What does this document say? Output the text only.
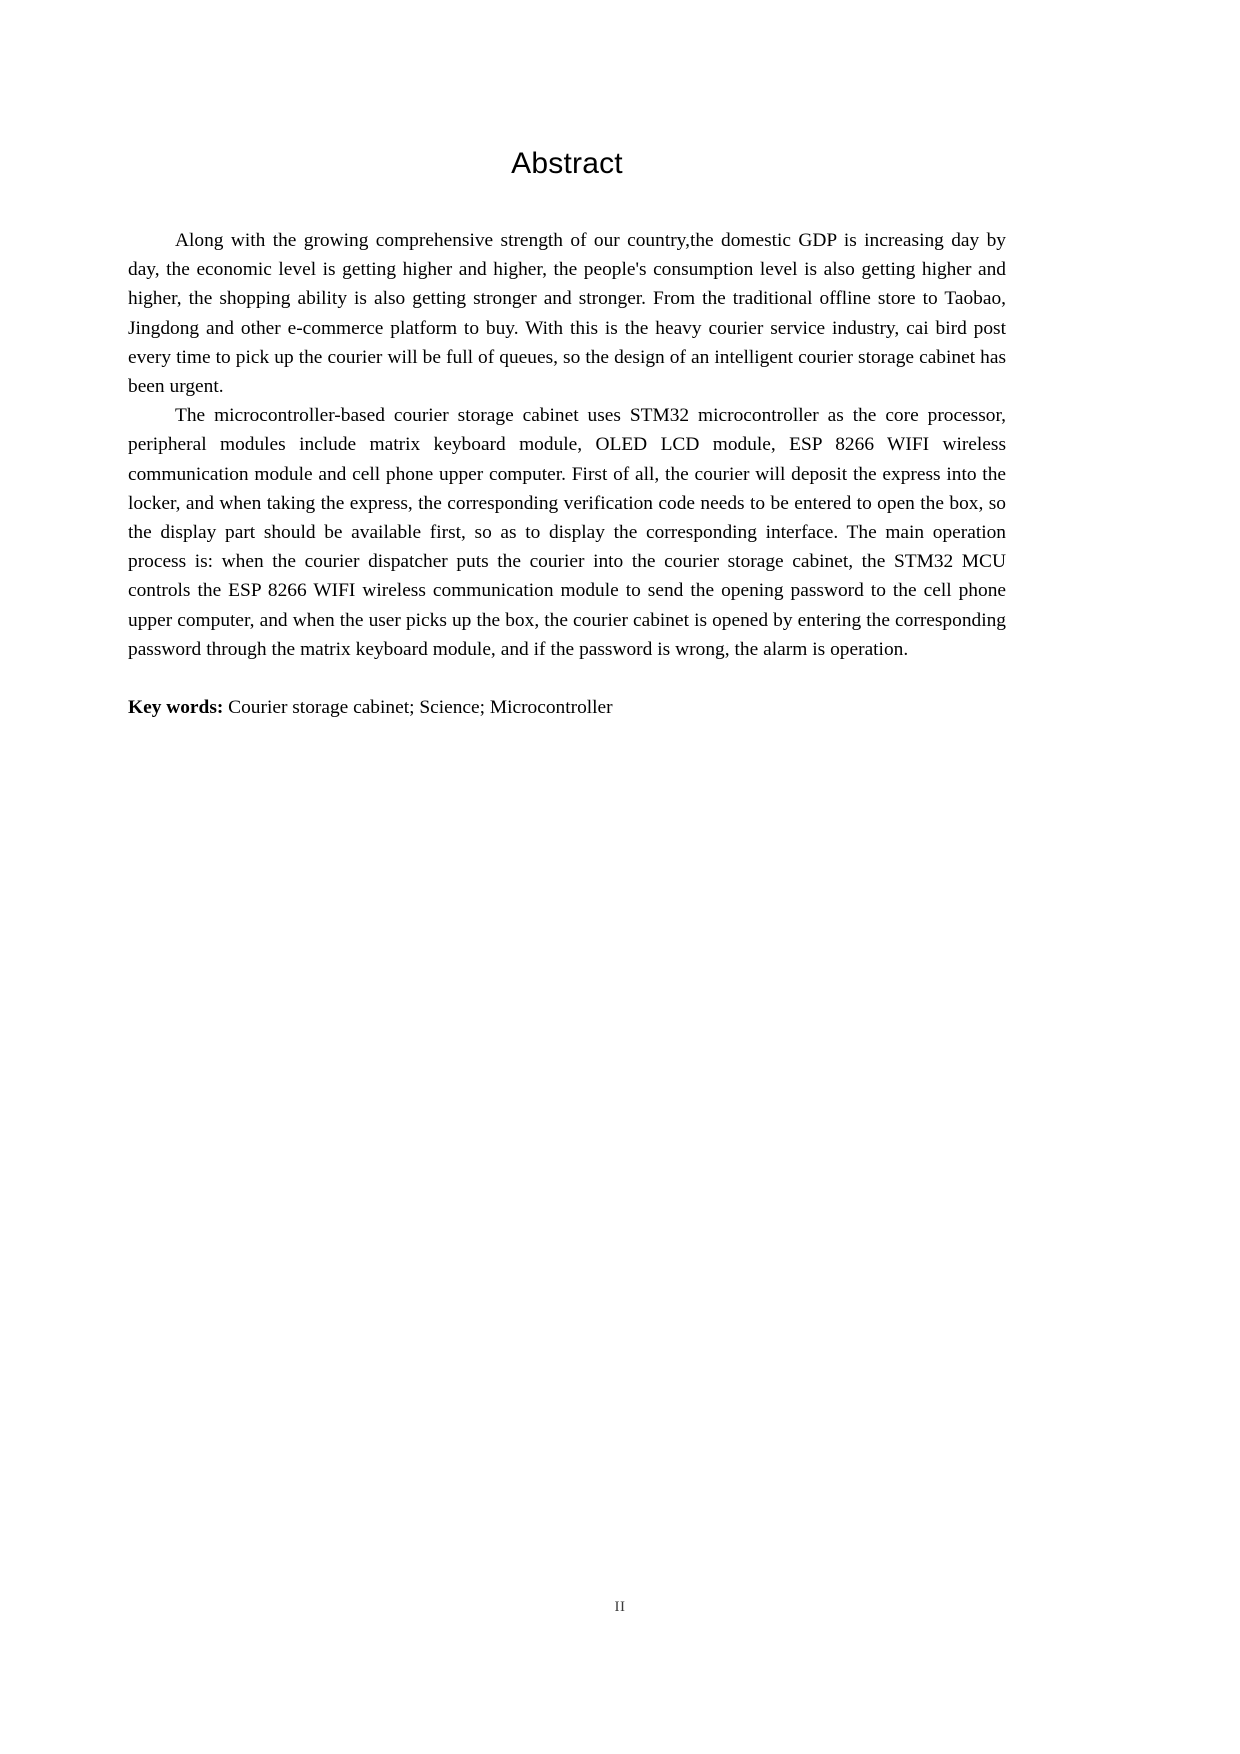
Abstract

Along with the growing comprehensive strength of our country,the domestic GDP is increasing day by day, the economic level is getting higher and higher, the people's consumption level is also getting higher and higher, the shopping ability is also getting stronger and stronger. From the traditional offline store to Taobao, Jingdong and other e-commerce platform to buy. With this is the heavy courier service industry, cai bird post every time to pick up the courier will be full of queues, so the design of an intelligent courier storage cabinet has been urgent.

The microcontroller-based courier storage cabinet uses STM32 microcontroller as the core processor, peripheral modules include matrix keyboard module, OLED LCD module, ESP 8266 WIFI wireless communication module and cell phone upper computer. First of all, the courier will deposit the express into the locker, and when taking the express, the corresponding verification code needs to be entered to open the box, so the display part should be available first, so as to display the corresponding interface. The main operation process is: when the courier dispatcher puts the courier into the courier storage cabinet, the STM32 MCU controls the ESP 8266 WIFI wireless communication module to send the opening password to the cell phone upper computer, and when the user picks up the box, the courier cabinet is opened by entering the corresponding password through the matrix keyboard module, and if the password is wrong, the alarm is operation.

Key words: Courier storage cabinet; Science; Microcontroller

II
